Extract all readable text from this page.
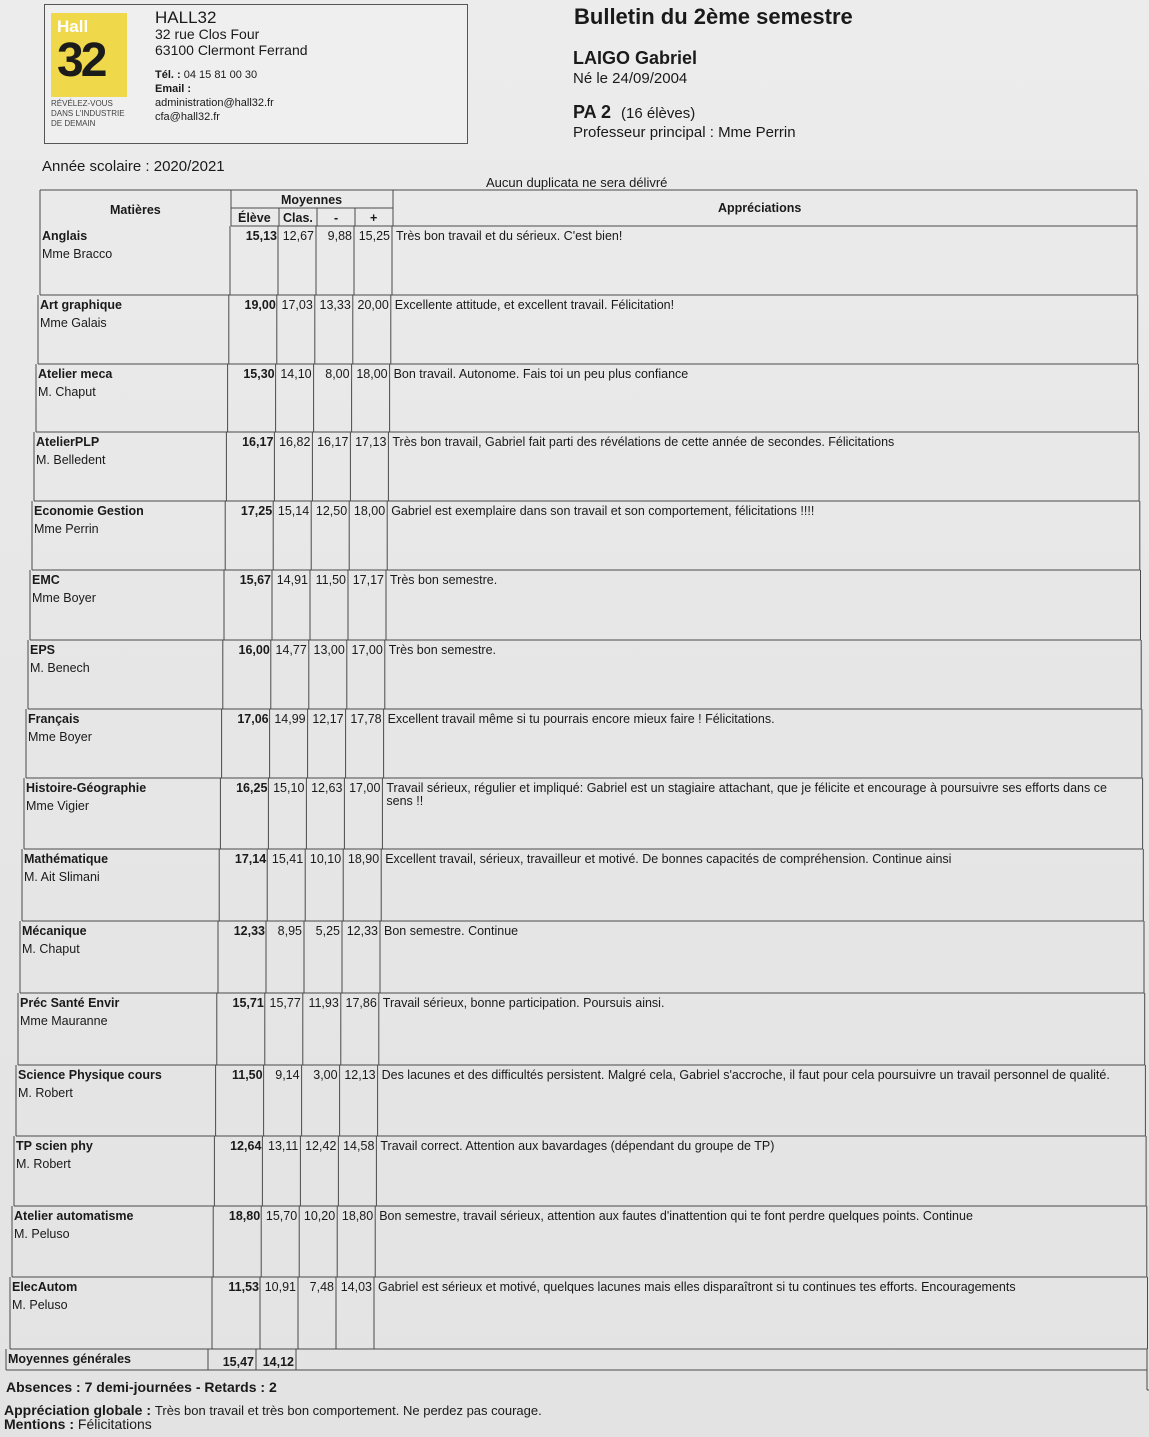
Hall
32
RÉVÉLEZ-VOUS
DANS L'INDUSTRIE
DE DEMAIN
HALL32
32 rue Clos Four
63100 Clermont Ferrand
Tél. : 04 15 81 00 30
Email :
administration@hall32.fr
cfa@hall32.fr
Bulletin du 2ème semestre
LAIGO Gabriel
Né le 24/09/2004
PA 2 (16 élèves)
Professeur principal : Mme Perrin
Année scolaire : 2020/2021
Aucun duplicata ne sera délivré
Matières
Moyennes
Élève Clas. -	+
Appréciations
Anglais
Mme Bracco
15,13 12,67	9,88 15,25 Très bon travail et du sérieux. C'est bien!
Art graphique
Mme Galais
19,00 17,03 13,33 20,00 Excellente attitude, et excellent travail. Félicitation!
Atelier meca
M. Chaput
15,30 14,10	8,00 18,00 Bon travail. Autonome. Fais toi un peu plus confiance
AtelierPLP
M. Belledent
16,17 16,82 16,17 17,13 Très bon travail, Gabriel fait parti des révélations de cette année de secondes. Félicitations
Economie Gestion
Mme Perrin
17,25 15,14 12,50 18,00 Gabriel est exemplaire dans son travail et son comportement, félicitations !!!!
EMC
Mme Boyer
15,67 14,91 11,50 17,17 Très bon semestre.
EPS
M. Benech
16,00 14,77 13,00 17,00 Très bon semestre.
Français
Mme Boyer
17,06 14,99 12,17 17,78 Excellent travail même si tu pourrais encore mieux faire ! Félicitations.
Histoire-Géographie
Mme Vigier
16,25 15,10 12,63 17,00 Travail sérieux, régulier et impliqué: Gabriel est un stagiaire attachant, que je félicite et encourage à poursuivre ses efforts dans ce sens !!
Mathématique
M. Ait Slimani
17,14 15,41 10,10 18,90 Excellent travail, sérieux, travailleur et motivé. De bonnes capacités de compréhension. Continue ainsi
Mécanique
M. Chaput
12,33	8,95	5,25 12,33 Bon semestre. Continue
Préc Santé Envir
Mme Mauranne
15,71 15,77 11,93 17,86 Travail sérieux, bonne participation. Poursuis ainsi.
Science Physique cours
M. Robert
11,50	9,14	3,00 12,13 Des lacunes et des difficultés persistent. Malgré cela, Gabriel s'accroche, il faut pour cela poursuivre un travail personnel de qualité.
TP scien phy
M. Robert
12,64 13,11 12,42 14,58 Travail correct. Attention aux bavardages (dépendant du groupe de TP)
Atelier automatisme
M. Peluso
18,80 15,70 10,20 18,80 Bon semestre, travail sérieux, attention aux fautes d'inattention qui te font perdre quelques points. Continue
ElecAutom
M. Peluso
11,53 10,91	7,48 14,03 Gabriel est sérieux et motivé, quelques lacunes mais elles disparaîtront si tu continues tes efforts. Encouragements
Moyennes générales	15,47 14,12
Absences : 7 demi-journées - Retards : 2
Appréciation globale : Très bon travail et très bon comportement. Ne perdez pas courage.
Mentions : Félicitations
